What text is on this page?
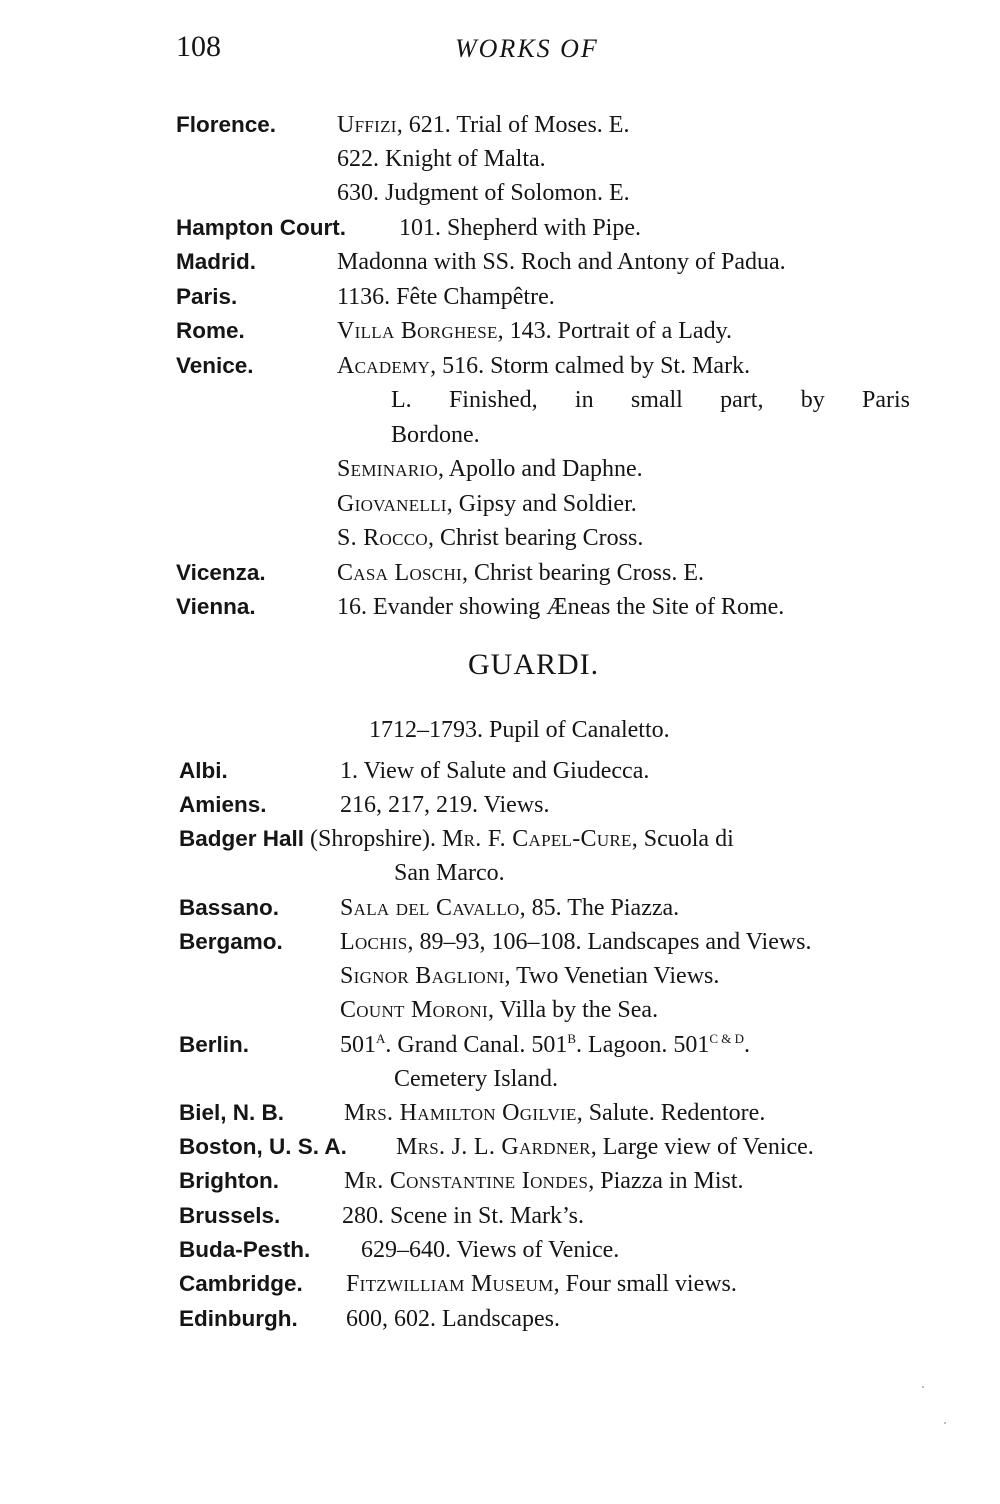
108	WORKS OF
Florence.	Uffizi, 621. Trial of Moses. E.
622. Knight of Malta.
630. Judgment of Solomon. E.
Hampton Court. 101. Shepherd with Pipe.
Madrid.	Madonna with SS. Roch and Antony of Padua.
Paris.	1136. Fête Champêtre.
Rome.	Villa Borghese, 143. Portrait of a Lady.
Venice.	Academy, 516. Storm calmed by St. Mark.
L. Finished, in small part, by Paris
Bordone.
Seminario, Apollo and Daphne.
Giovanelli, Gipsy and Soldier.
S. Rocco, Christ bearing Cross.
Vicenza.	Casa Loschi, Christ bearing Cross. E.
Vienna.	16. Evander showing Æneas the Site of Rome.
GUARDI.
1712–1793. Pupil of Canaletto.
Albi.	1. View of Salute and Giudecca.
Amiens.	216, 217, 219. Views.
Badger Hall (Shropshire). Mr. F. Capel-Cure, Scuola di
San Marco.
Bassano.	Sala del Cavallo, 85. The Piazza.
Bergamo. Lochis, 89–93, 106–108. Landscapes and Views.
Signor Baglioni, Two Venetian Views.
Count Moroni, Villa by the Sea.
Berlin.	$501^A$. Grand Canal. $501^B$. Lagoon. $501^{C \& D}$.
Cemetery Island.
Biel, N. B. Mrs. Hamilton Ogilvie, Salute. Redentore.
Boston, U. S. A. Mrs. J. L. Gardner, Large view of Venice.
Brighton.	Mr. Constantine Iondes, Piazza in Mist.
Brussels.	280. Scene in St. Mark’s.
Buda-Pesth. 629–640. Views of Venice.
Cambridge. Fitzwilliam Museum, Four small views.
Edinburgh. 600, 602. Landscapes.
